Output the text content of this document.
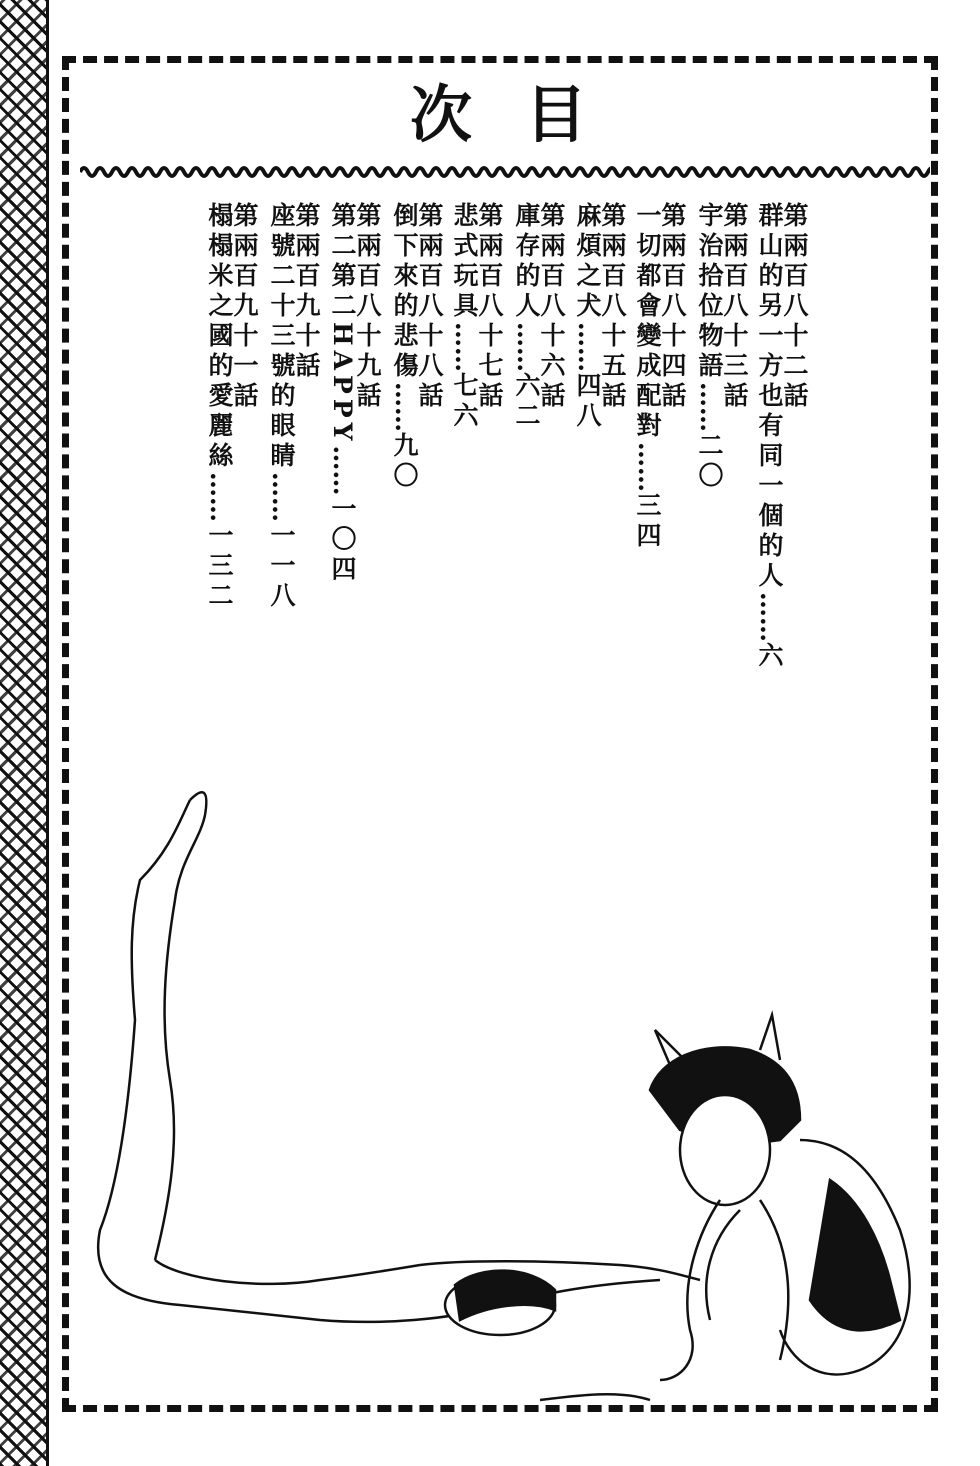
次 目
第兩百八十二話
群山的另一方也有同一個的人……六
第兩百八十三話
宇治拾位物語……二〇
第兩百八十四話
一切都會變成配對……三四
第兩百八十五話
麻煩之犬……四八
第兩百八十六話
庫存的人……六二
第兩百八十七話
悲式玩具……七六
第兩百八十八話
倒下來的悲傷……九〇
第兩百八十九話
第二第二HAPPY……一〇四
第兩百九十話
座號二十三號的眼睛……一一八
第兩百九十一話
榻榻米之國的愛麗絲……一三二
